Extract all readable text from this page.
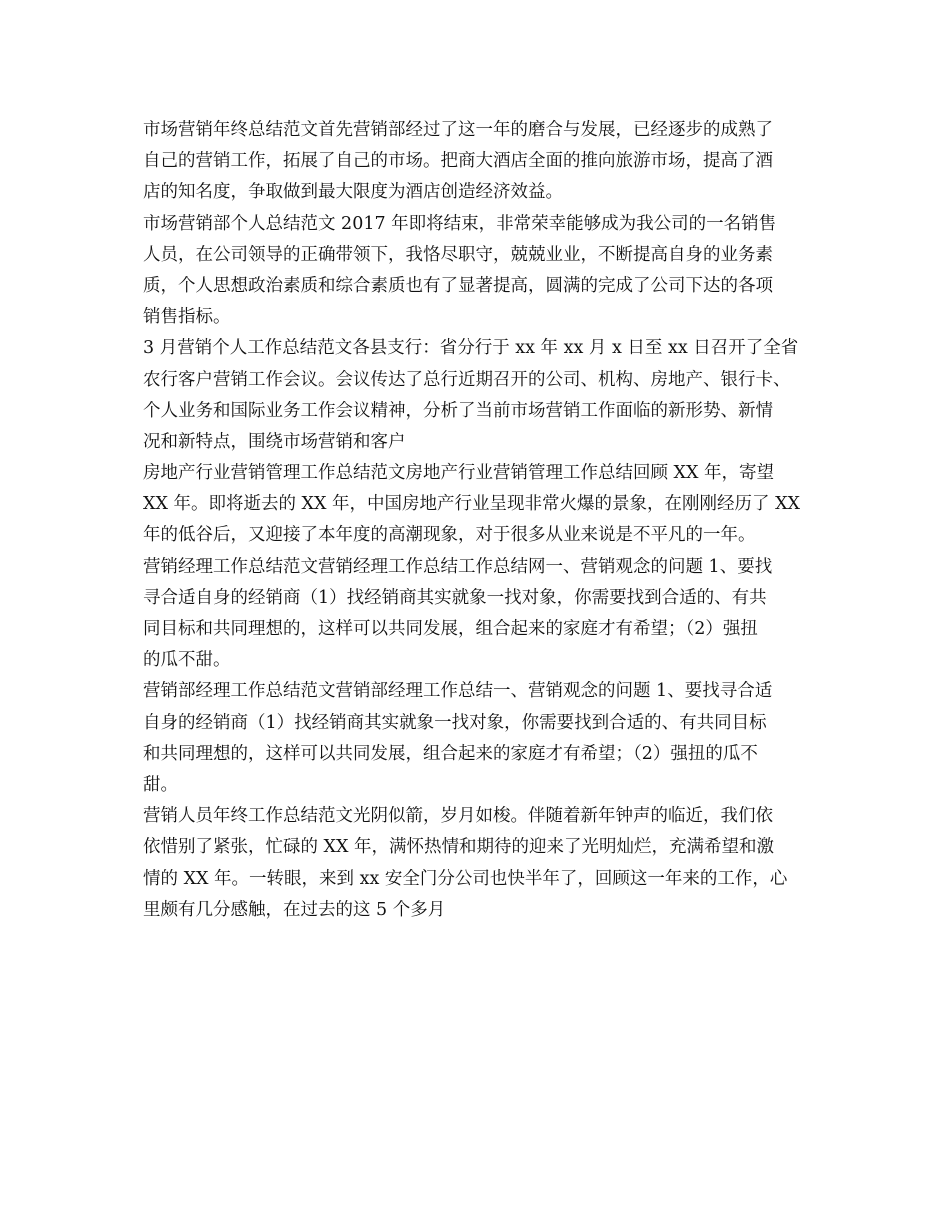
市场营销年终总结范文首先营销部经过了这一年的磨合与发展，已经逐步的成熟了
自己的营销工作，拓展了自己的市场。把商大酒店全面的推向旅游市场，提高了酒
店的知名度，争取做到最大限度为酒店创造经济效益。
市场营销部个人总结范文 2017 年即将结束，非常荣幸能够成为我公司的一名销售
人员，在公司领导的正确带领下，我恪尽职守，兢兢业业，不断提高自身的业务素
质，个人思想政治素质和综合素质也有了显著提高，圆满的完成了公司下达的各项
销售指标。
3 月营销个人工作总结范文各县支行：省分行于 xx 年 xx 月 x 日至 xx 日召开了全省
农行客户营销工作会议。会议传达了总行近期召开的公司、机构、房地产、银行卡、
个人业务和国际业务工作会议精神，分析了当前市场营销工作面临的新形势、新情
况和新特点，围绕市场营销和客户
房地产行业营销管理工作总结范文房地产行业营销管理工作总结回顾 XX 年，寄望
XX 年。即将逝去的 XX 年，中国房地产行业呈现非常火爆的景象，在刚刚经历了 XX
年的低谷后，又迎接了本年度的高潮现象，对于很多从业来说是不平凡的一年。
营销经理工作总结范文营销经理工作总结工作总结网一、营销观念的问题 1、要找
寻合适自身的经销商（1）找经销商其实就象一找对象，你需要找到合适的、有共
同目标和共同理想的，这样可以共同发展，组合起来的家庭才有希望；（2）强扭
的瓜不甜。
营销部经理工作总结范文营销部经理工作总结一、营销观念的问题 1、要找寻合适
自身的经销商（1）找经销商其实就象一找对象，你需要找到合适的、有共同目标
和共同理想的，这样可以共同发展，组合起来的家庭才有希望；（2）强扭的瓜不
甜。
营销人员年终工作总结范文光阴似箭，岁月如梭。伴随着新年钟声的临近，我们依
依惜别了紧张，忙碌的 XX 年，满怀热情和期待的迎来了光明灿烂，充满希望和激
情的 XX 年。一转眼，来到 xx 安全门分公司也快半年了，回顾这一年来的工作，心
里颇有几分感触，在过去的这 5 个多月
